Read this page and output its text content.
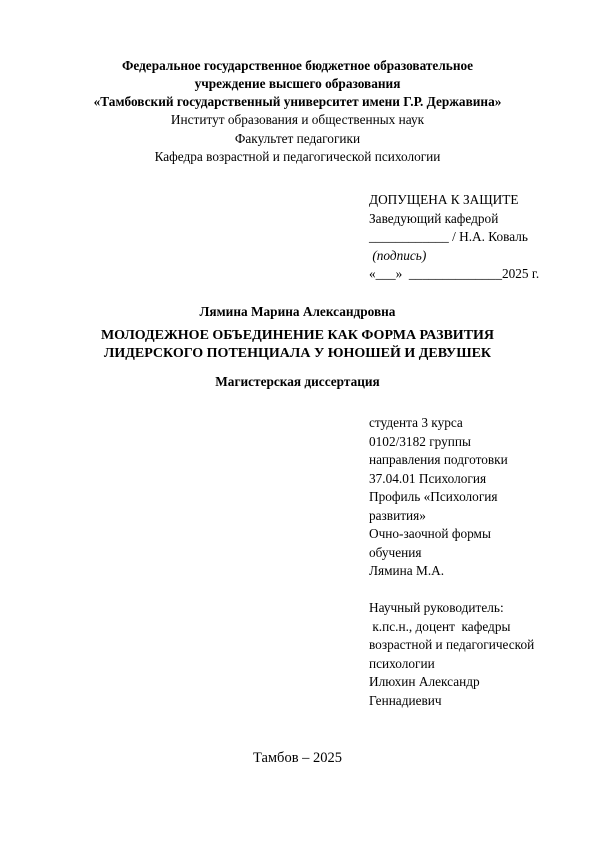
Федеральное государственное бюджетное образовательное
учреждение высшего образования
«Тамбовский государственный университет имени Г.Р. Державина»
Институт образования и общественных наук
Факультет педагогики
Кафедра возрастной и педагогической психологии
ДОПУЩЕНА К ЗАЩИТЕ
Заведующий кафедрой
____________ / Н.А. Коваль
(подпись)
«___»  ______________2025 г.
Лямина Марина Александровна
МОЛОДЕЖНОЕ ОБЪЕДИНЕНИЕ КАК ФОРМА РАЗВИТИЯ
ЛИДЕРСКОГО ПОТЕНЦИАЛА У ЮНОШЕЙ И ДЕВУШЕК
Магистерская диссертация
студента 3 курса
0102/3182 группы
направления подготовки
37.04.01 Психология
Профиль «Психология
развития»
Очно-заочной формы
обучения
Лямина М.А.
Научный руководитель:
к.пс.н., доцент  кафедры
возрастной и педагогической
психологии
Илюхин Александр
Геннадиевич
Тамбов – 2025
